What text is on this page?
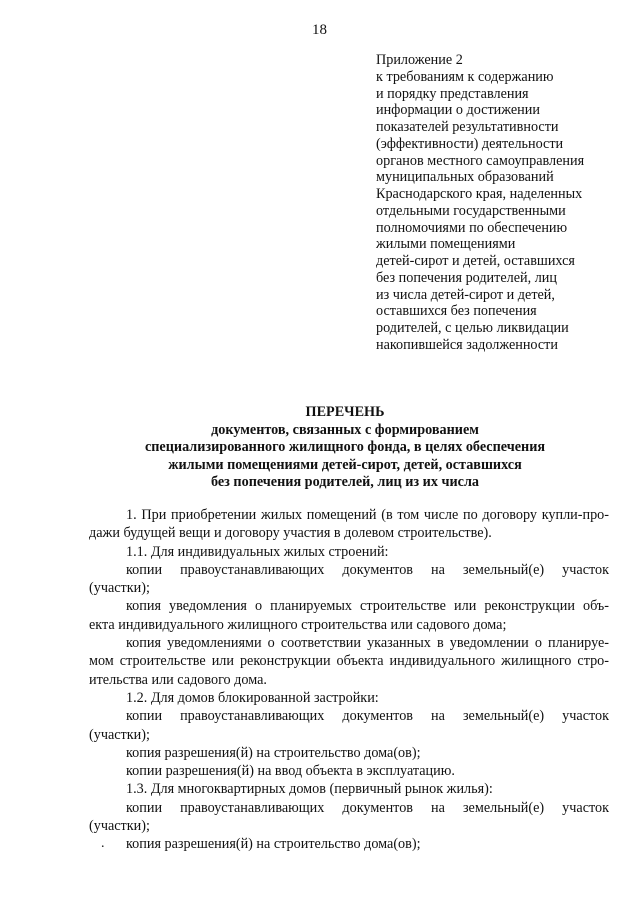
18
Приложение 2
к требованиям к содержанию
и порядку представления
информации о достижении
показателей результативности
(эффективности) деятельности
органов местного самоуправления
муниципальных образований
Краснодарского края, наделенных
отдельными государственными
полномочиями по обеспечению
жилыми помещениями
детей-сирот и детей, оставшихся
без попечения родителей, лиц
из числа детей-сирот и детей,
оставшихся без попечения
родителей, с целью ликвидации
накопившейся задолженности
ПЕРЕЧЕНЬ
документов, связанных с формированием
специализированного жилищного фонда, в целях обеспечения
жилыми помещениями детей-сирот, детей, оставшихся
без попечения родителей, лиц из их числа
1. При приобретении жилых помещений (в том числе по договору купли-про-
дажи будущей вещи и договору участия в долевом строительстве).
1.1. Для индивидуальных жилых строений:
копии правоустанавливающих документов на земельный(е) участок
(участки);
копия уведомления о планируемых строительстве или реконструкции объ-
екта индивидуального жилищного строительства или садового дома;
копия уведомлениями о соответствии указанных в уведомлении о планируе-
мом строительстве или реконструкции объекта индивидуального жилищного стро-
ительства или садового дома.
1.2. Для домов блокированной застройки:
копии правоустанавливающих документов на земельный(е) участок
(участки);
копия разрешения(й) на строительство дома(ов);
копии разрешения(й) на ввод объекта в эксплуатацию.
1.3. Для многоквартирных домов (первичный рынок жилья):
копии правоустанавливающих документов на земельный(е) участок
(участки);
копия разрешения(й) на строительство дома(ов);
.
